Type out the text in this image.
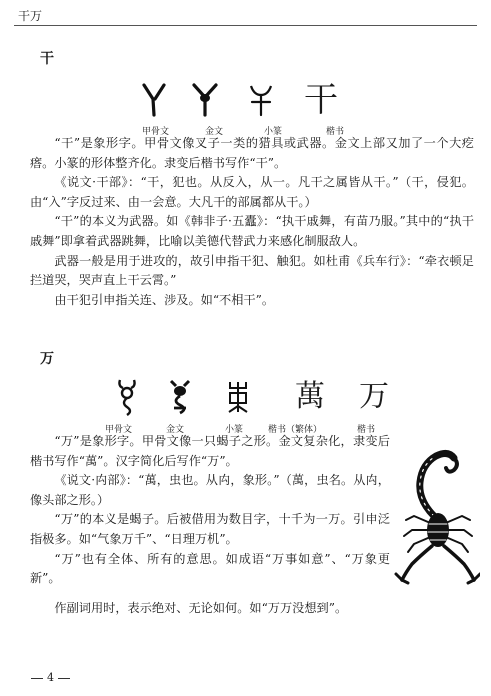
干万
干
干
甲骨文	金文	小篆	楷书

“干”是象形字。甲骨文像叉子一类的猎具或武器。金文上部又加了一个大疙瘩。小篆的形体整齐化。隶变后楷书写作“干”。

《说文·干部》：“干，犯也。从反入，从一。凡干之属皆从干。”（干，侵犯。由“入”字反过来、由一会意。大凡干的部属都从干。）

“干”的本义为武器。如《韩非子·五蠹》：“执干戚舞，有苗乃服。”其中的“执干戚舞”即拿着武器跳舞，比喻以美德代替武力来感化制服敌人。

武器一般是用于进攻的，故引申指干犯、触犯。如杜甫《兵车行》：“牵衣顿足拦道哭，哭声直上干云霄。”

由干犯引申指关连、涉及。如“不相干”。

万
萬	万
甲骨文	金文	小篆	楷书（繁体）	楷书

“万”是象形字。甲骨文像一只蝎子之形。金文复杂化，隶变后楷书写作“萬”。汉字简化后写作“万”。

《说文·禸部》：“萬，虫也。从禸，象形。”（萬，虫名。从禸，像头部之形。）

“万”的本义是蝎子。后被借用为数目字，十千为一万。引申泛指极多。如“气象万千”、“日理万机”。

“万”也有全体、所有的意思。如成语“万事如意”、“万象更新”。

作副词用时，表示绝对、无论如何。如“万万没想到”。

4
